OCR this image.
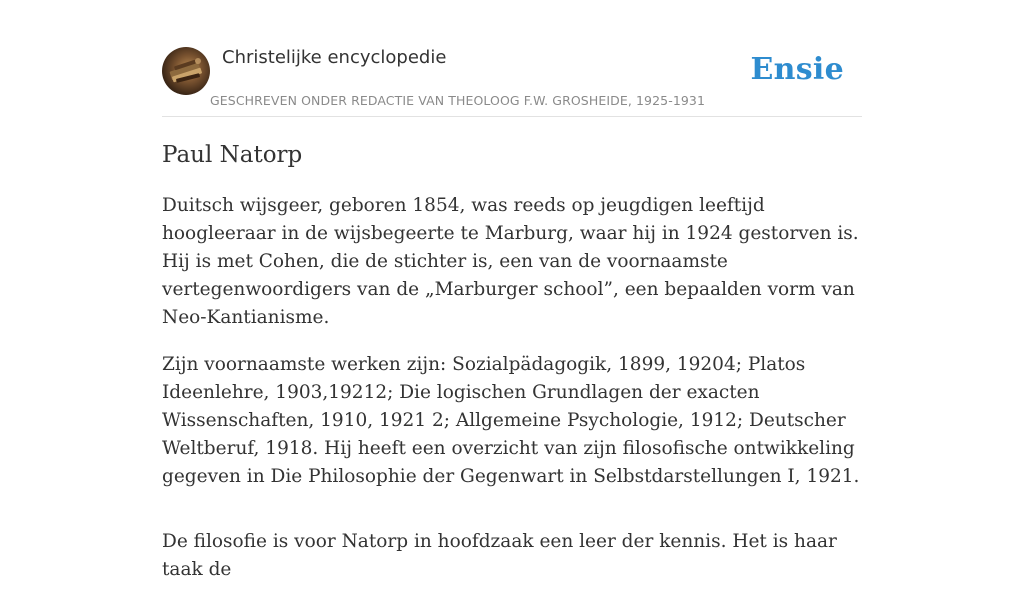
Christelijke encyclopedie
GESCHREVEN ONDER REDACTIE VAN THEOLOOG F.W. GROSHEIDE, 1925-1931
Ensie
Paul Natorp

Duitsch wijsgeer, geboren 1854, was reeds op jeugdigen leeftijd hoogleeraar in de wijsbegeerte te Marburg, waar hij in 1924 gestorven is. Hij is met Cohen, die de stichter is, een van de voornaamste vertegenwoordigers van de „Marburger school”, een bepaalden vorm van Neo-Kantianisme.

Zijn voornaamste werken zijn: Sozialpädagogik, 1899, 19204; Platos Ideenlehre, 1903,19212; Die logischen Grundlagen der exacten Wissenschaften, 1910, 1921 2; Allgemeine Psychologie, 1912; Deutscher Weltberuf, 1918. Hij heeft een overzicht van zijn filosofische ontwikkeling gegeven in Die Philosophie der Gegenwart in Selbstdarstellungen I, 1921.

De filosofie is voor Natorp in hoofdzaak een leer der kennis. Het is haar taak de
